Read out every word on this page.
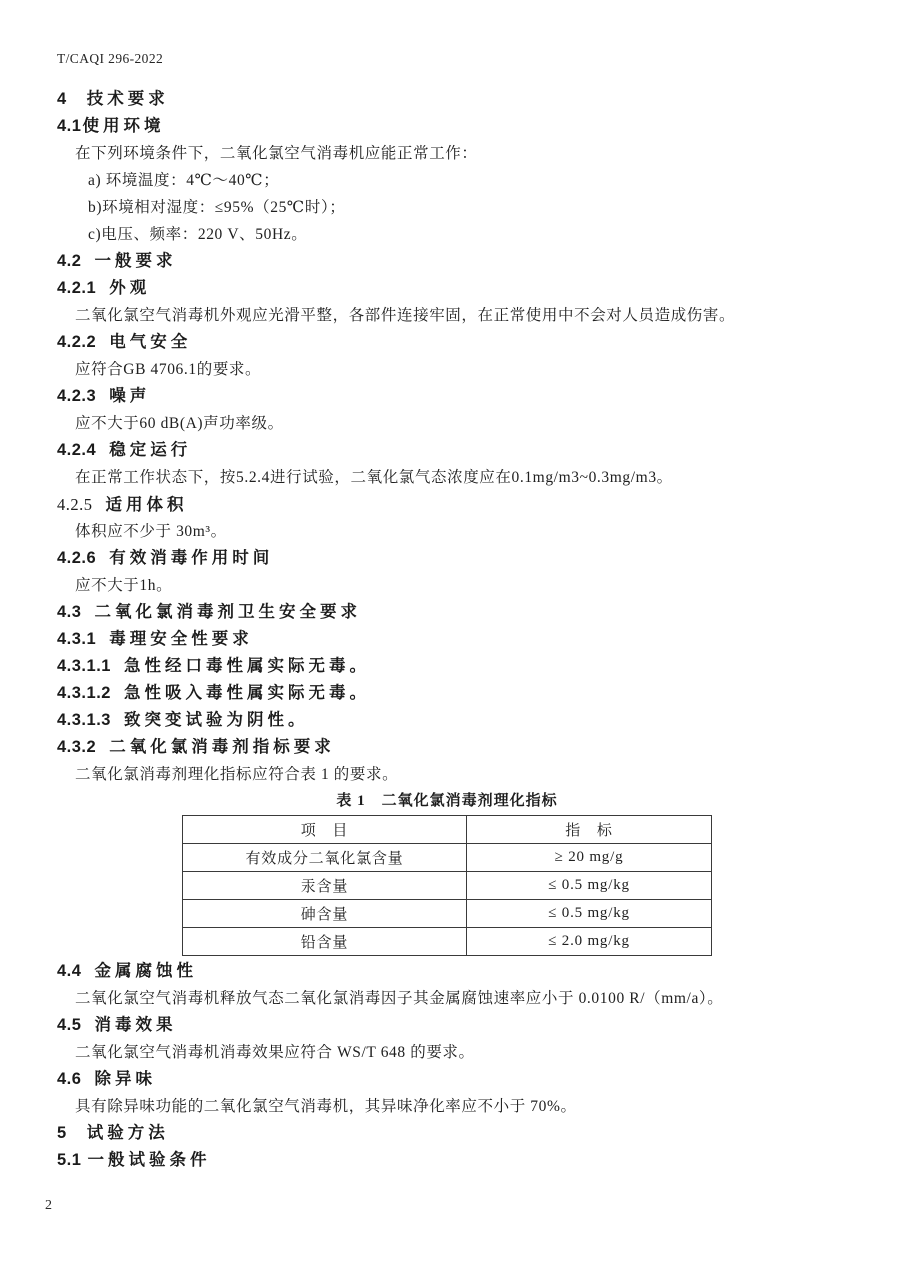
T/CAQI 296-2022
4 技术要求
4.1使用环境
在下列环境条件下，二氧化氯空气消毒机应能正常工作：
a) 环境温度：4℃～40℃；
b)环境相对湿度：≤95%（25℃时）；
c)电压、频率：220 V、50Hz。
4.2 一般要求
4.2.1 外观
二氧化氯空气消毒机外观应光滑平整，各部件连接牢固，在正常使用中不会对人员造成伤害。
4.2.2 电气安全
应符合GB 4706.1的要求。
4.2.3 噪声
应不大于60 dB(A)声功率级。
4.2.4 稳定运行
在正常工作状态下，按5.2.4进行试验，二氧化氯气态浓度应在0.1mg/m3~0.3mg/m3。
4.2.5 适用体积
体积应不少于 30m³。
4.2.6 有效消毒作用时间
应不大于1h。
4.3 二氧化氯消毒剂卫生安全要求
4.3.1 毒理安全性要求
4.3.1.1 急性经口毒性属实际无毒。
4.3.1.2 急性吸入毒性属实际无毒。
4.3.1.3 致突变试验为阴性。
4.3.2 二氧化氯消毒剂指标要求
二氧化氯消毒剂理化指标应符合表 1 的要求。
表 1　二氧化氯消毒剂理化指标
项　目	指　标
有效成分二氧化氯含量	≥ 20 mg/g
汞含量	≤ 0.5 mg/kg
砷含量	≤ 0.5 mg/kg
铅含量	≤ 2.0 mg/kg
4.4 金属腐蚀性
二氧化氯空气消毒机释放气态二氧化氯消毒因子其金属腐蚀速率应小于 0.0100 R/（mm/a）。
4.5 消毒效果
二氧化氯空气消毒机消毒效果应符合 WS/T 648 的要求。
4.6 除异味
具有除异味功能的二氧化氯空气消毒机，其异味净化率应不小于 70%。
5 试验方法
5.1 一般试验条件
2
